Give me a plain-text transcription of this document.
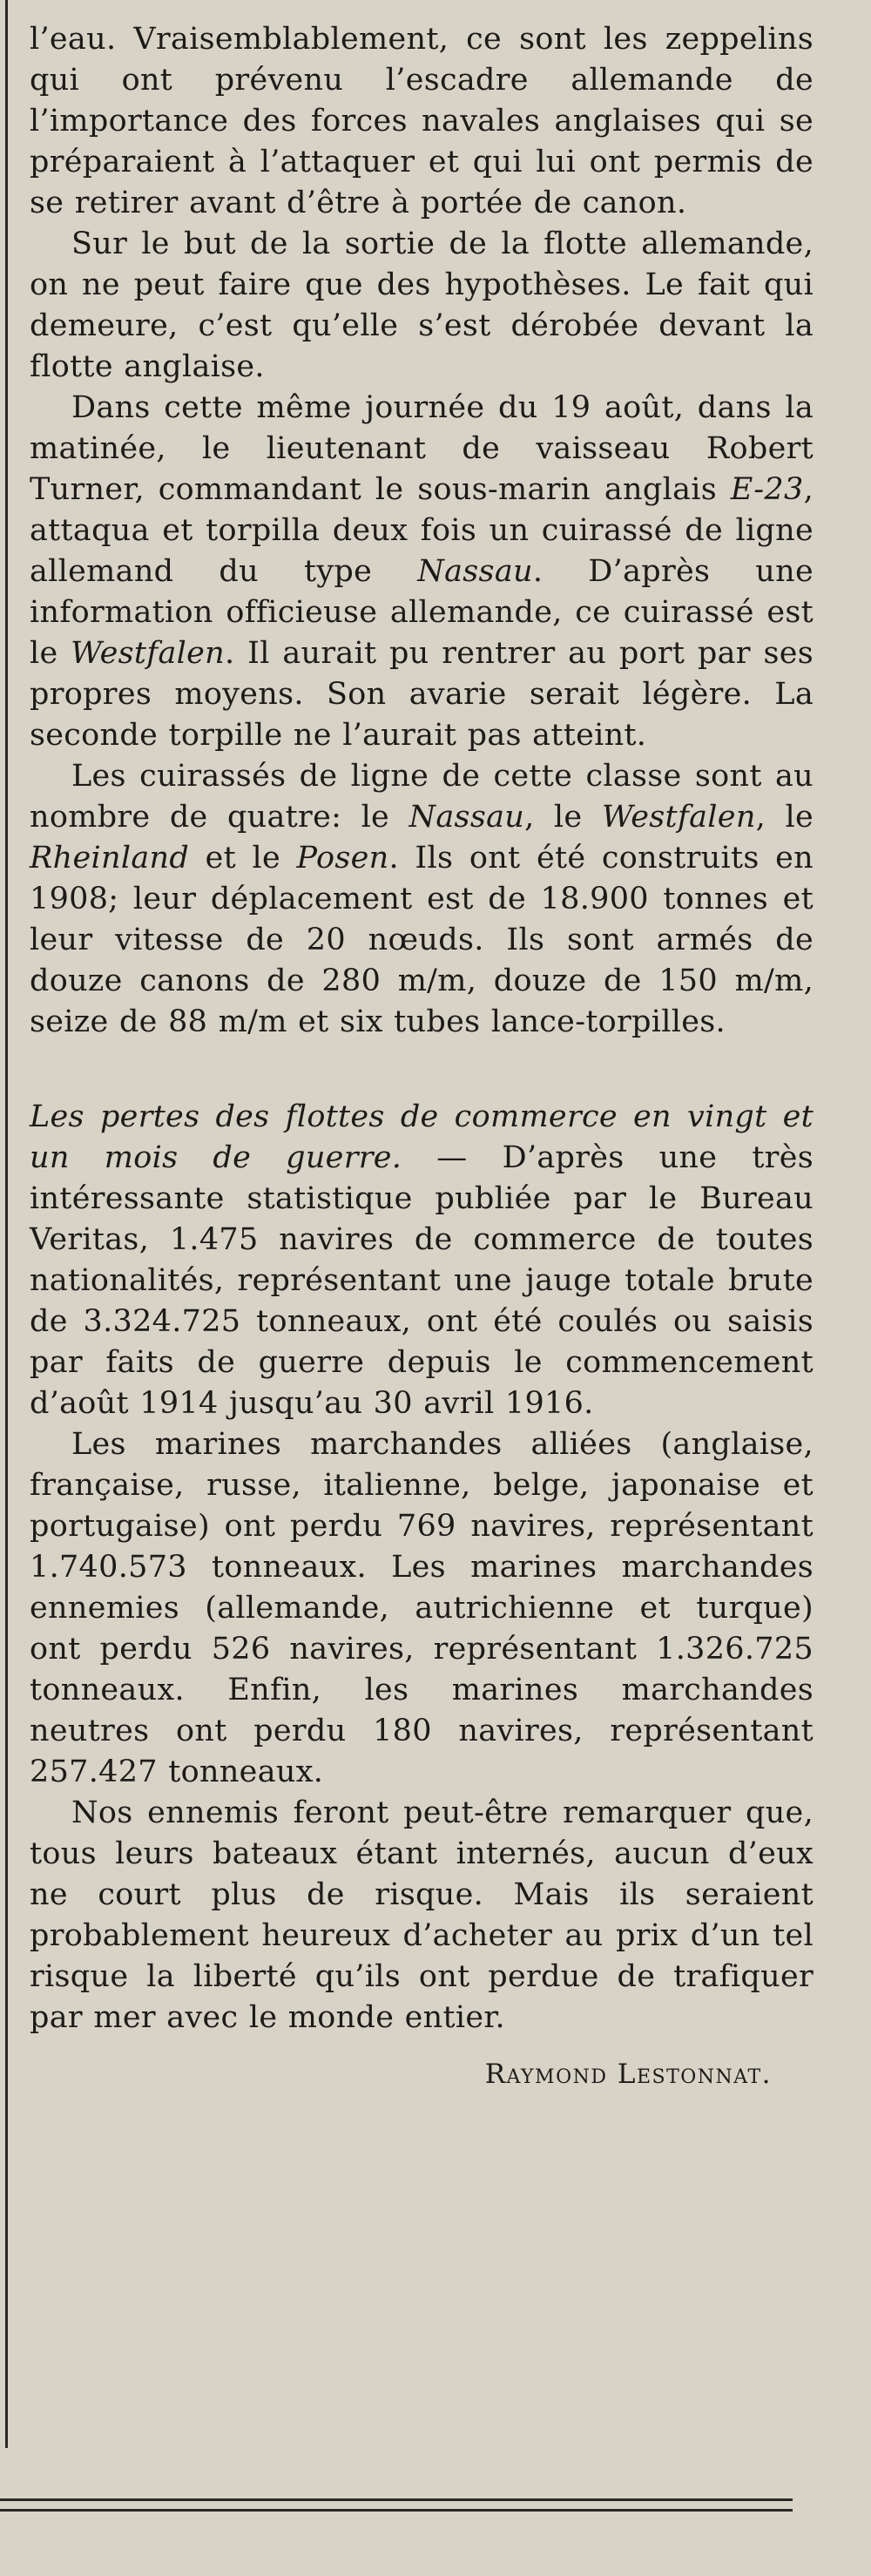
l’eau. Vraisemblablement, ce sont les zeppelins qui ont prévenu l’escadre allemande de l’importance des forces navales anglaises qui se préparaient à l’attaquer et qui lui ont permis de se retirer avant d’être à portée de canon.

Sur le but de la sortie de la flotte allemande, on ne peut faire que des hypothèses. Le fait qui demeure, c’est qu’elle s’est dérobée devant la flotte anglaise.

Dans cette même journée du 19 août, dans la matinée, le lieutenant de vaisseau Robert Turner, commandant le sous-marin anglais E-23, attaqua et torpilla deux fois un cuirassé de ligne allemand du type Nassau. D’après une information officieuse allemande, ce cuirassé est le Westfalen. Il aurait pu rentrer au port par ses propres moyens. Son avarie serait légère. La seconde torpille ne l’aurait pas atteint.

Les cuirassés de ligne de cette classe sont au nombre de quatre: le Nassau, le Westfalen, le Rheinland et le Posen. Ils ont été construits en 1908; leur déplacement est de 18.900 tonnes et leur vitesse de 20 nœuds. Ils sont armés de douze canons de 280 m/m, douze de 150 m/m, seize de 88 m/m et six tubes lance-torpilles.

Les pertes des flottes de commerce en vingt et un mois de guerre. — D’après une très intéressante statistique publiée par le Bureau Veritas, 1.475 navires de commerce de toutes nationalités, représentant une jauge totale brute de 3.324.725 tonneaux, ont été coulés ou saisis par faits de guerre depuis le commencement d’août 1914 jusqu’au 30 avril 1916.

Les marines marchandes alliées (anglaise, française, russe, italienne, belge, japonaise et portugaise) ont perdu 769 navires, représentant 1.740.573 tonneaux. Les marines marchandes ennemies (allemande, autrichienne et turque) ont perdu 526 navires, représentant 1.326.725 tonneaux. Enfin, les marines marchandes neutres ont perdu 180 navires, représentant 257.427 tonneaux.

Nos ennemis feront peut-être remarquer que, tous leurs bateaux étant internés, aucun d’eux ne court plus de risque. Mais ils seraient probablement heureux d’acheter au prix d’un tel risque la liberté qu’ils ont perdue de trafiquer par mer avec le monde entier.

Raymond Lestonnat.
